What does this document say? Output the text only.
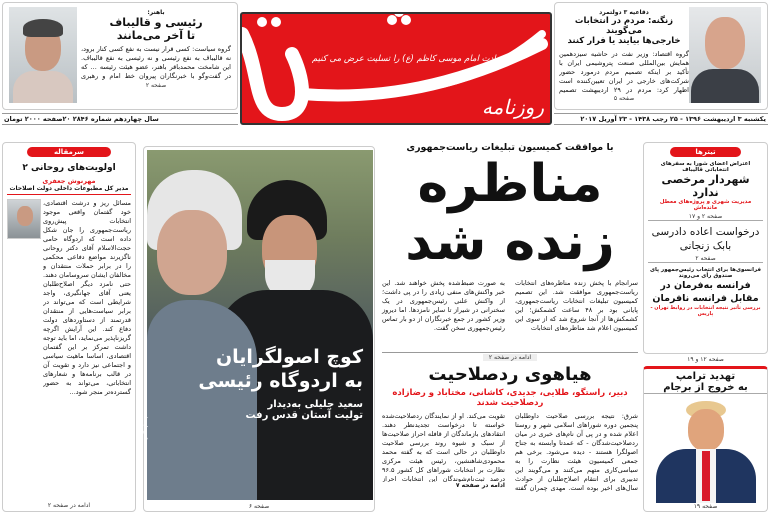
باهنر:
رئیسی و قالیباف
تا آخر می‌مانند
گروه سیاست: کسی قرار نیست به نفع کسی کنار برود، نه قالیباف به نفع رئیسی و نه رئیسی به نفع قالیباف. این شامخت محمدباقر باهنر، عضو هیئت رئیسه ... که در گفت‌وگو با خبرنگاران پیروان خط امام و رهبری
صفحه ۲
سال چهاردهم شماره ۲۸۴۶ ۲۰صفحه ۲۰۰۰ تومان
شهادت امام موسی کاظم (ع) را تسلیت عرض می کنیم
روزنامه
دقاعیه ۳ دولتمرد
زنگنه: مردم در انتخابات می‌گویند
خارجی‌ها بیایند یا فرار کنند
گروه اقتصاد: وزیر نفت در حاشیه سیزدهمین همایش بین‌المللی صنعت پتروشیمی ایران با تأکید بر اینکه تصمیم مردم درمورد حضور شرکت‌های خارجی در ایران تعیین‌کننده است اظهار کرد: مردم در ۲۹ اردیبهشت تصمیم
صفحه ۵
یکشنبه ۳ اردیبهشت ۱۳۹۶ - ۲۵ رجب ۱۴۳۸ - ۲۳ آوریل ۲۰۱۷
سرمقاله
اولویت‌های روحانی ۲
مهرنوش جعفری
مدیر کل مطبوعات داخلی دولت اصلاحات
مسائل ریز و درشت اقتصادی، خود گفتمان واقعی موجود انتخابات پیش‌روی ریاست‌جمهوری را جان شکل داده است که اردوگاه حامی حجت‌الاسلام آقای دکتر روحانی ناگزیرند مواضع دفاعی محکمی را در برابر حملات منتقدان و مخالفان ایشان سرو‌سامان دهند. حتی نامزد دیگر اصلاح‌طلبان یعنی آقای جهانگیری، واجد شرایطی است که می‌تواند در برابر سیاست‌هایی از منتقدان قدرتمند از دستاوردهای دولت دفاع کند. این آرایش اگرچه گریزناپذیر می‌نماید، اما باید توجه داشت تمرکز بر این گفتمان اقتصادی، اساسا ماهیت سیاسی و اجتماعی نیز دارد و تقویت آن در قالب برنامه‌ها و شعارهای انتخاباتی، می‌تواند به حضور گسترده‌تر منجر شود...
ادامه در صفحه ۲
کوچ اصولگرایان
به اردوگاه رئیسی
سعید جلیلی به‌دیدار
تولیت آستان قدس رفت
عکس: ایسنا
صفحه ۶
با موافقت کمیسیون تبلیغات ریاست‌جمهوری
مناظره
زنده شد
سرانجام با پخش زنده مناظره‌های انتخابات ریاست‌جمهوری موافقت شد. این تصمیم کمیسیون تبلیغات انتخابات ریاست‌جمهوری، پایانی بود بر ۴۸ ساعت کشمکش؛ این کشمکش‌ها از آنجا شروع شد که از سوی این کمیسیون اعلام شد مناظره‌های انتخابات
به صورت ضبط‌شده پخش خواهند شد. این خبر واکنش‌های منفی زیادی را در پی داشت؛ از واکنش علنی رئیس‌جمهوری در یک سخنرانی در شیراز تا سایر نامزدها. اما دیروز وزیر کشور در جمع خبرنگاران از دو بار تماس رئیس‌جمهوری سخن گفت.
ادامه در صفحه ۲
هیاهوی ردصلاحیت
دبیر، راستگو، طلایی، جدیدی، کاشانی، مختاباد و رضازاده
ردصلاحیت شدند
شرق: نتیجه بررسی صلاحیت داوطلبان پنجمین دوره شوراهای اسلامی شهر و روستا اعلام شده و در پی آن نام‌های خبری در میان ردصلاحیت‌شدگان - که عمدتا وابسته به جناح اصولگرا هستند - دیده می‌شود. برخی هم جمعی کمیسیون هیئت نظارت را به سیاسی‌کاری متهم می‌کنند و می‌گویند این تدبیری برای انتقام اصلاح‌طلبان از حوادث سال‌های اخیر بوده است. مهدی چمران گفته
تقویت می‌کند. او از نمایندگان ردصلاحیت‌شده خواسته تا درخواست تجدیدنظر دهند. انتقادهای بازماندگان از قافله احراز صلاحیت‌ها از سبک و شیوه روند بررسی صلاحیت داوطلبان در حالی است که به گفته محمد محمودی‌شاهنشین، رئیس هیئت مرکزی نظارت بر انتخابات شوراهای کل کشور ۹۶.۵ درصد ثبت‌نام‌شوندگان این انتخابات احراز
ادامه در صفحه ۷
تیترها
اعتراض اعضای شورا به سفرهای انتخاباتی قالیباف
شهردار مرخصی ندارد
مدیریت شهری و پروژه‌های معطل مانده‌اش
صفحه ۲ و ۱۷
درخواست اعاده دادرسی بابک زنجانی
صفحه ۲
فرانسوی‌ها برای انتخاب رئیس‌جمهور پای صندوق رأی می‌روند
فرانسه به‌فرمان در مقابل فرانسه نافرمان
بررسی تأثیر نتیجه انتخابات در روابط تهران - پاریس
صفحه ۱۲ و ۱۹
تهدید ترامپ
به خروج از برجام
صفحه ۱۹
